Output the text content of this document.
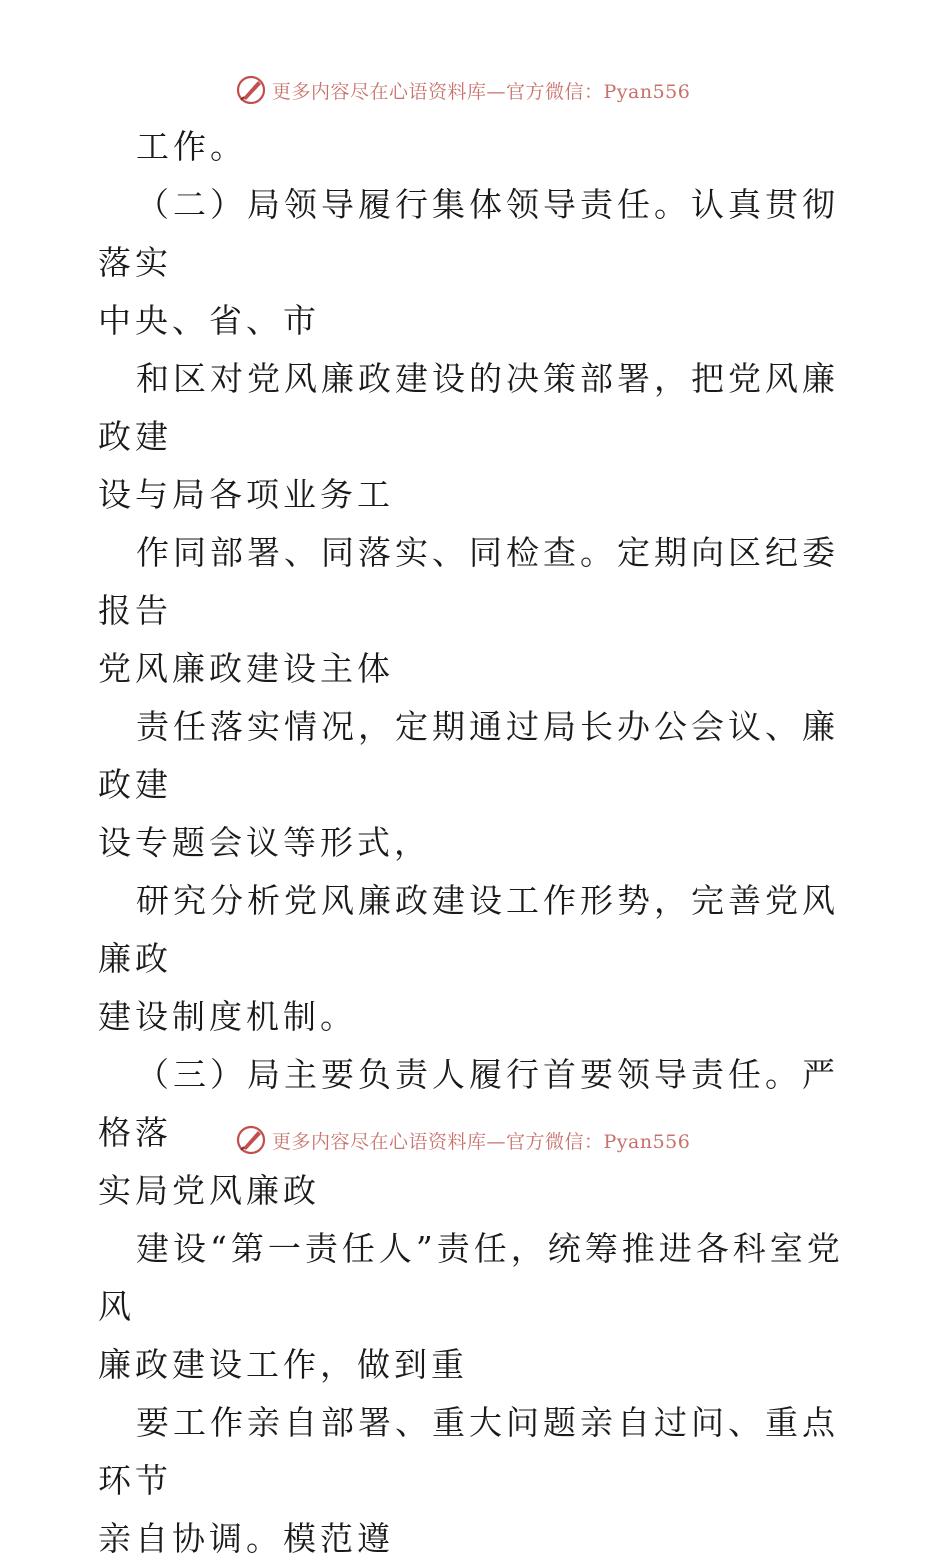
更多内容尽在心语资料库—官方微信：Pyan556

工作。

（二）局领导履行集体领导责任。认真贯彻落实
中央、省、市

和区对党风廉政建设的决策部署，把党风廉政建
设与局各项业务工

作同部署、同落实、同检查。定期向区纪委报告
党风廉政建设主体

责任落实情况，定期通过局长办公会议、廉政建
设专题会议等形式，

研究分析党风廉政建设工作形势，完善党风廉政
建设制度机制。

（三）局主要负责人履行首要领导责任。严格落
实局党风廉政

建设“第一责任人”责任，统筹推进各科室党风
廉政建设工作，做到重

要工作亲自部署、重大问题亲自过问、重点环节
亲自协调。模范遵

更多内容尽在心语资料库—官方微信：Pyan556
